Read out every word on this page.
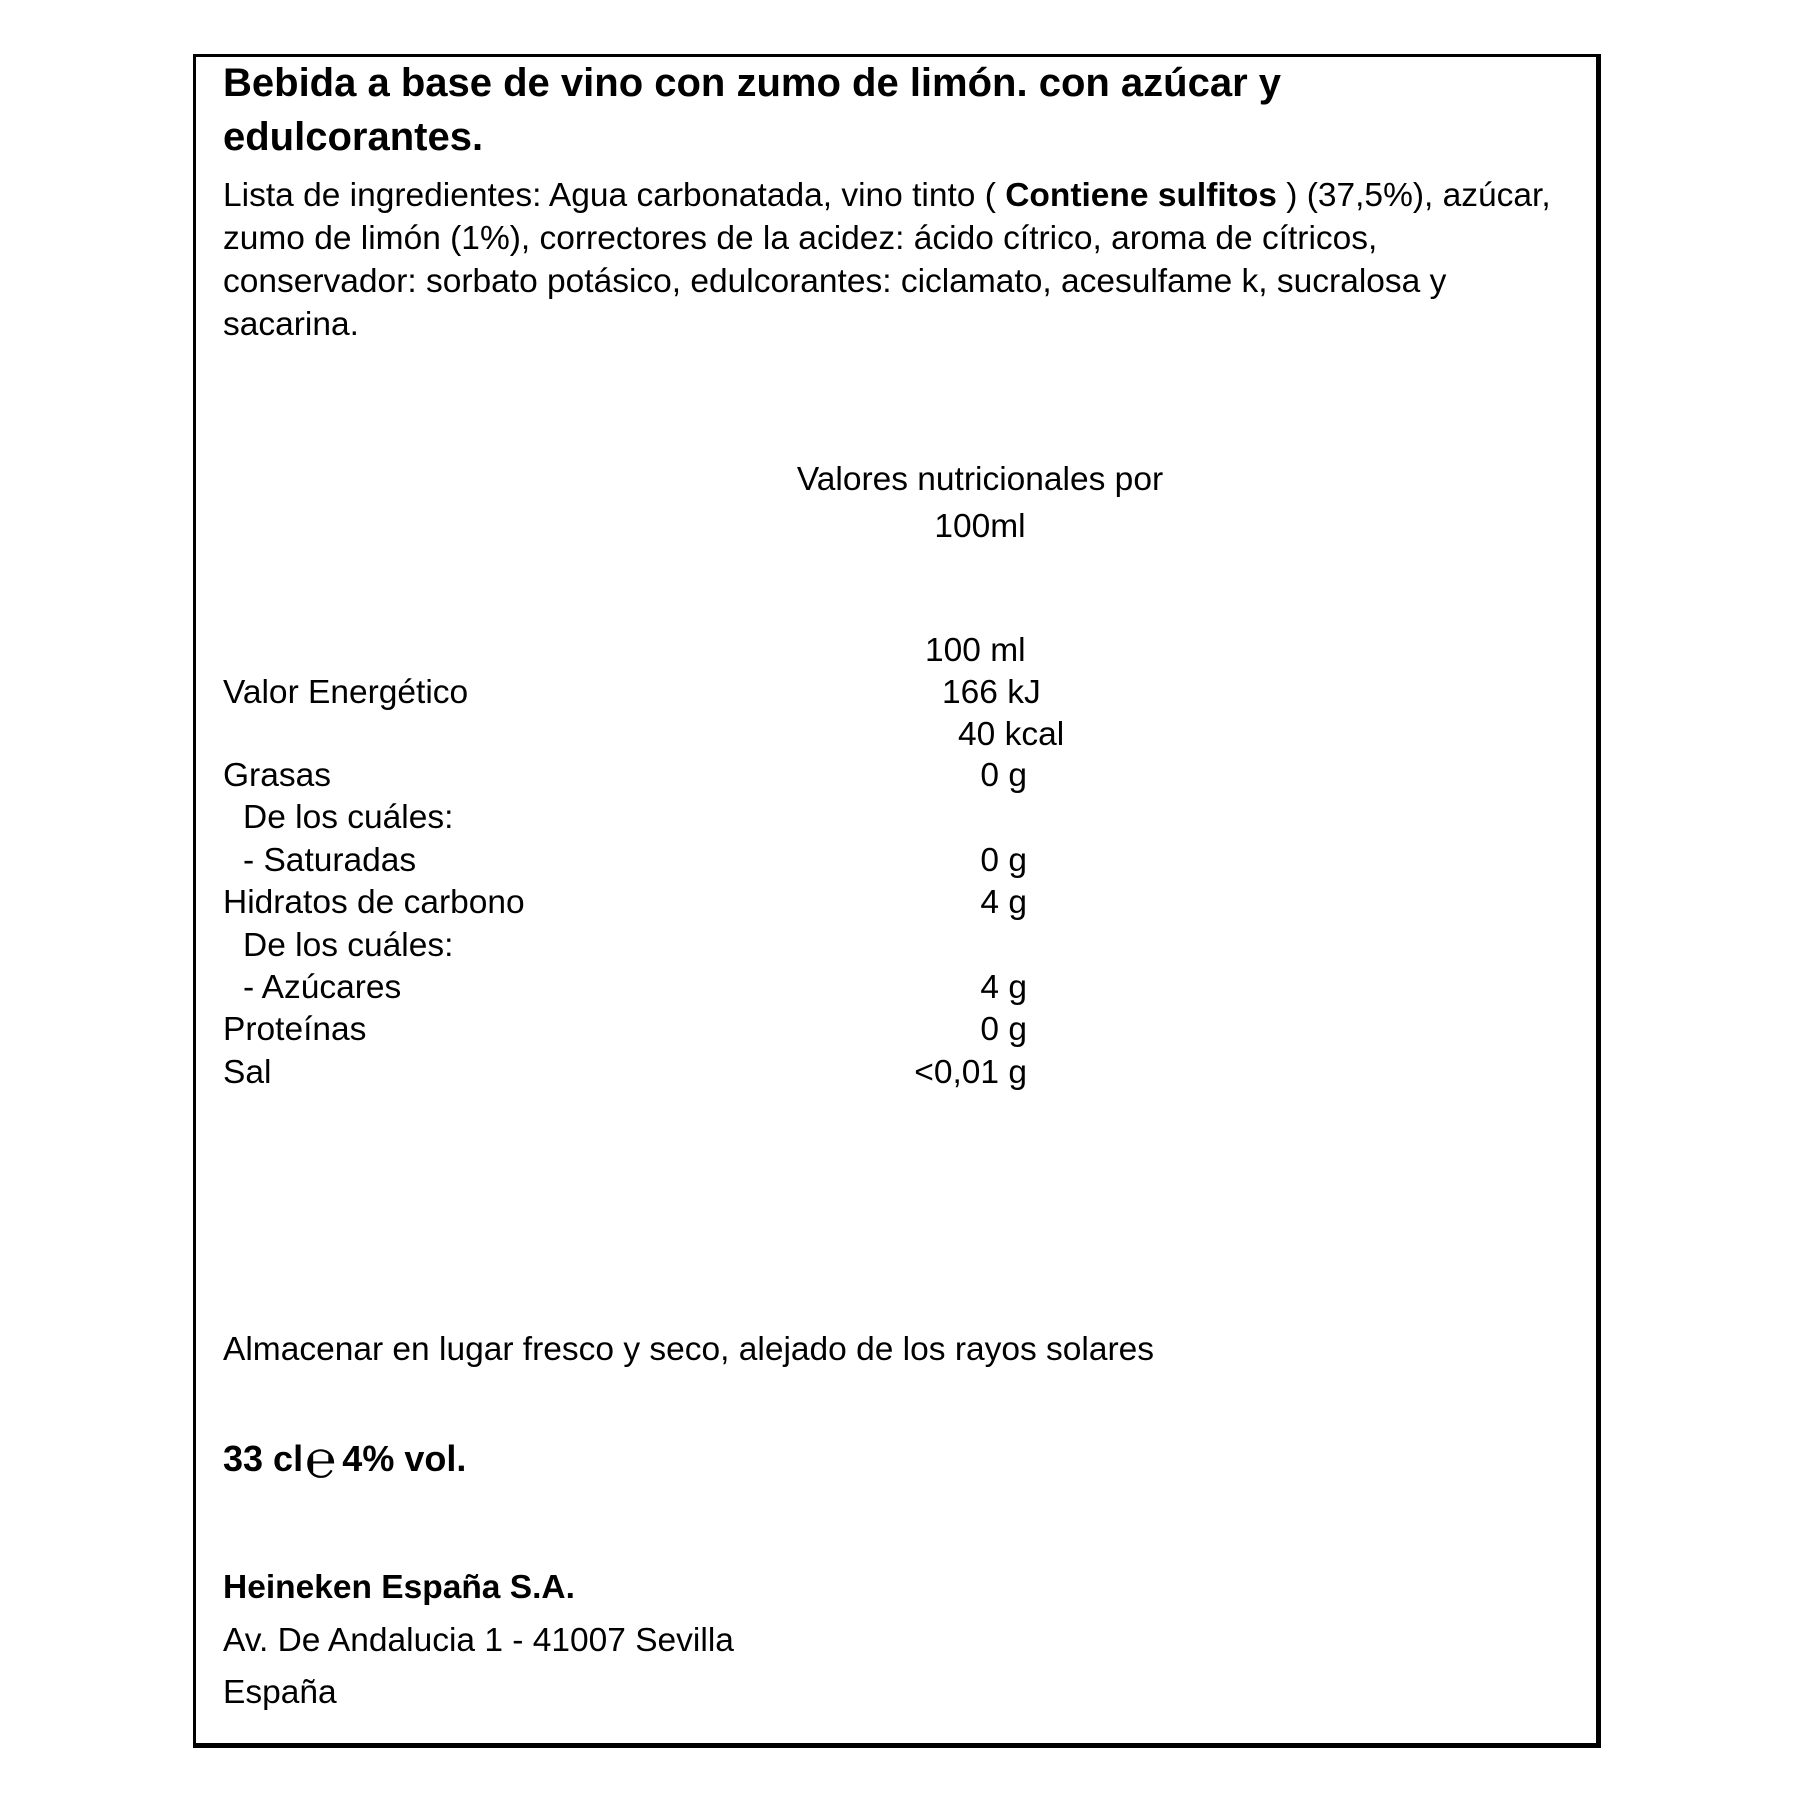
Bebida a base de vino con zumo de limón. con azúcar y edulcorantes.
Lista de ingredientes: Agua carbonatada, vino tinto ( Contiene sulfitos ) (37,5%), azúcar, zumo de limón (1%), correctores de la acidez: ácido cítrico, aroma de cítricos, conservador: sorbato potásico, edulcorantes: ciclamato, acesulfame k, sucralosa y sacarina.
Valores nutricionales por
100ml
100 ml
Valor Energético	166 kJ
40 kcal
Grasas	0 g
De los cuáles:
- Saturadas	0 g
Hidratos de carbono	4 g
De los cuáles:
- Azúcares	4 g
Proteínas	0 g
Sal	<0,01 g
Almacenar en lugar fresco y seco, alejado de los rayos solares
33 cl℮ 4% vol.
Heineken España S.A.
Av. De Andalucia 1 - 41007 Sevilla
España
